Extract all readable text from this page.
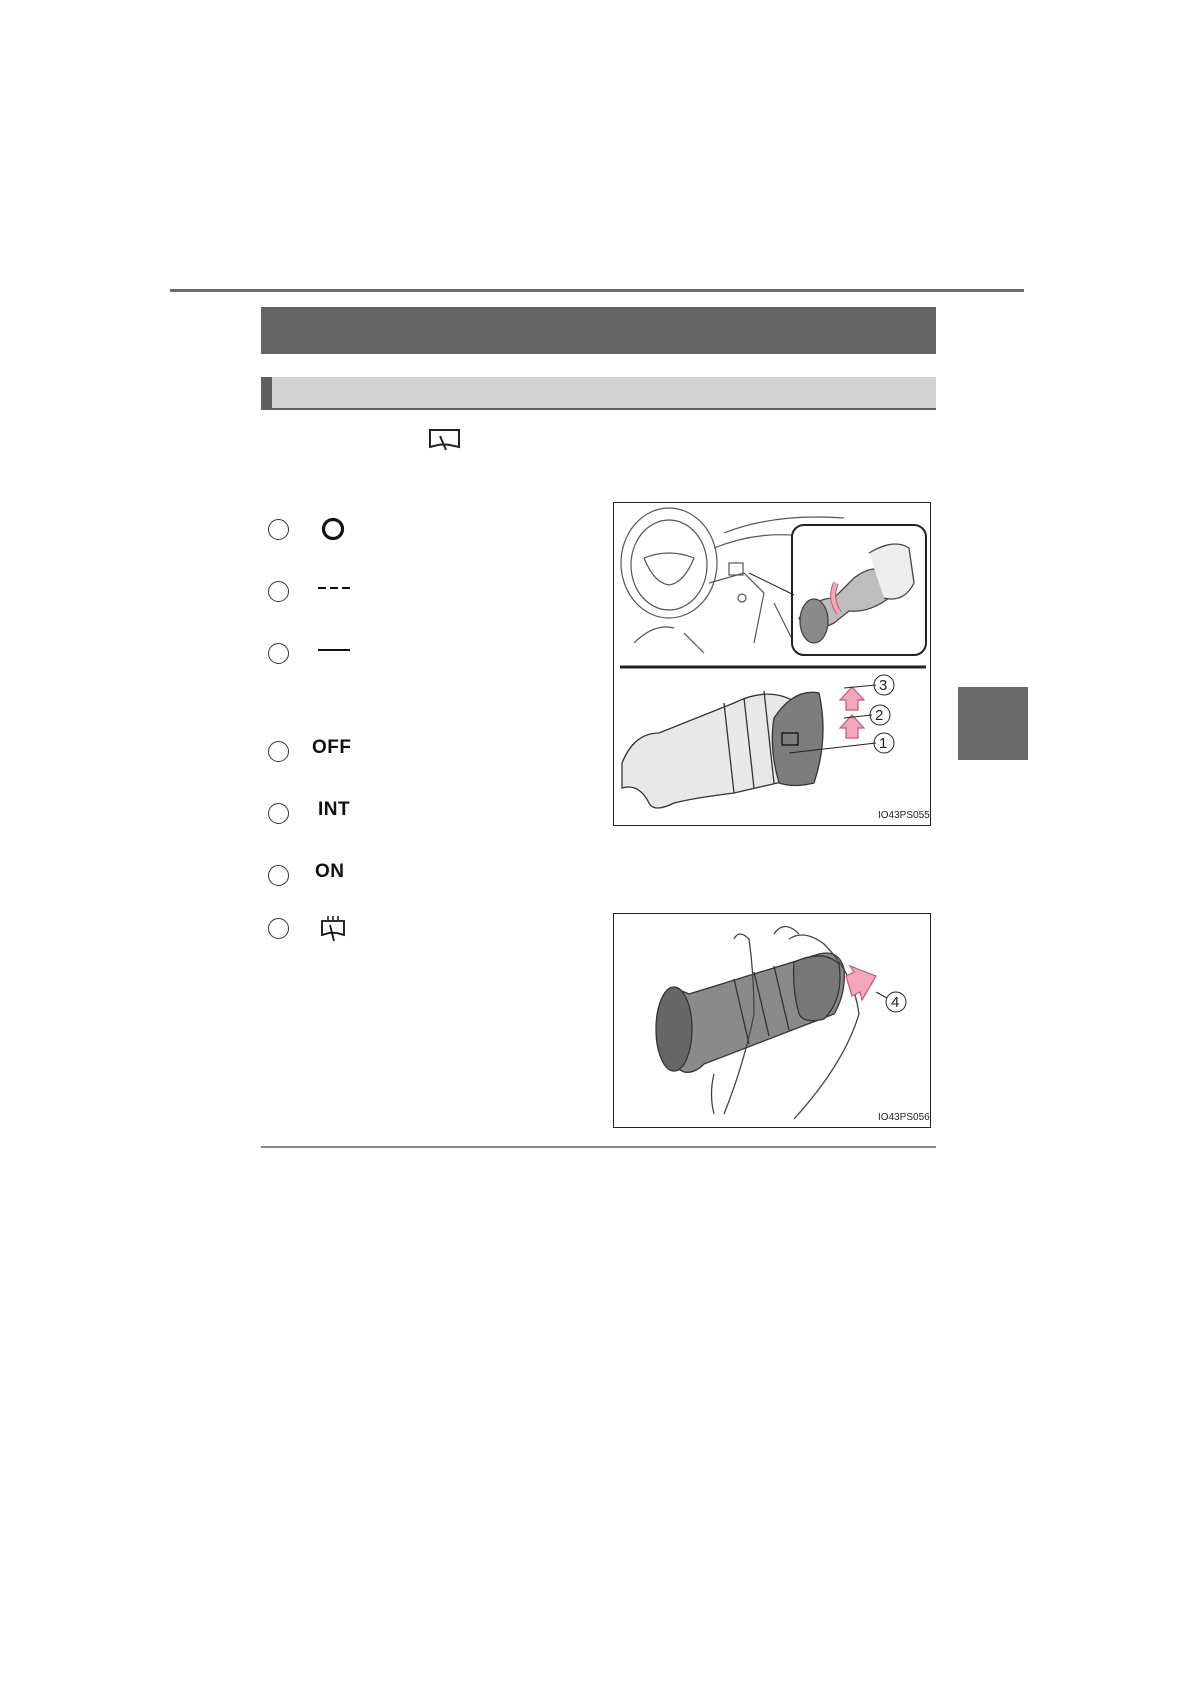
OFF
INT
ON
1
2
3
IO43PS055
4
IO43PS056
